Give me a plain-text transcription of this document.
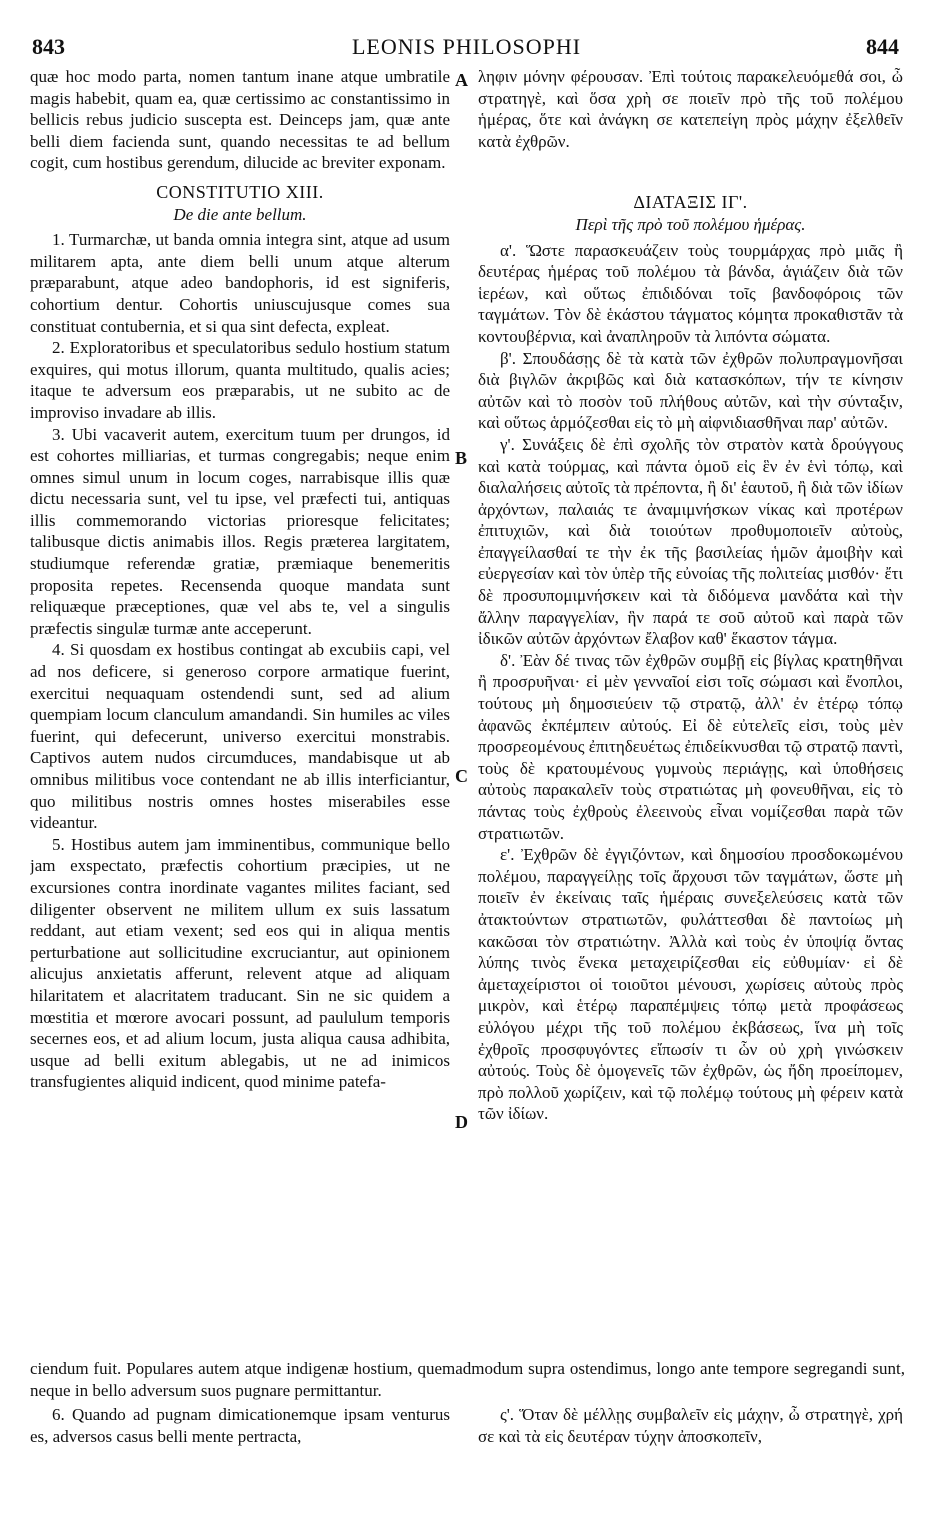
843	LEONIS PHILOSOPHI	844

quæ hoc modo parta, nomen tantum inane atque umbratile magis habebit, quam ea, quæ certissimo ac constantissimo in bellicis rebus judicio suscepta est. Deinceps jam, quæ ante belli diem facienda sunt, quando necessitas te ad bellum cogit, cum hostibus gerendum, dilucide ac breviter exponam.

CONSTITUTIO XIII.

De die ante bellum.

1. Turmarchæ, ut banda omnia integra sint, atque ad usum militarem apta, ante diem belli unum atque alterum præparabunt, atque adeo bandophoris, id est signiferis, cohortium dentur. Cohortis uniuscujusque comes sua constituat contubernia, et si qua sint defecta, expleat.

2. Exploratoribus et speculatoribus sedulo hostium statum exquires, qui motus illorum, quanta multitudo, qualis acies; itaque te adversum eos præparabis, ut ne subito ac de improviso invadare ab illis.

3. Ubi vacaverit autem, exercitum tuum per drungos, id est cohortes milliarias, et turmas congregabis; neque enim omnes simul unum in locum coges, narrabisque illis quæ dictu necessaria sunt, vel tu ipse, vel præfecti tui, antiquas illis commemorando victorias prioresque felicitates; talibusque dictis animabis illos. Regis præterea largitatem, studiumque referendæ gratiæ, præmiaque benemeritis proposita repetes. Recensenda quoque mandata sunt reliquæque præceptiones, quæ vel abs te, vel a singulis præfectis singulæ turmæ ante acceperunt.

4. Si quosdam ex hostibus contingat ab excubiis capi, vel ad nos deficere, si generoso corpore armatique fuerint, exercitui nequaquam ostendendi sunt, sed ad alium quempiam locum clanculum amandandi. Sin humiles ac viles fuerint, qui defecerunt, universo exercitui monstrabis. Captivos autem nudos circumduces, mandabisque ut ab omnibus militibus voce contendant ne ab illis interficiantur, quo militibus nostris omnes hostes miserabiles esse videantur.

5. Hostibus autem jam imminentibus, communique bello jam exspectato, præfectis cohortium præcipies, ut ne excursiones contra inordinate vagantes milites faciant, sed diligenter observent ne militem ullum ex suis lassatum reddant, aut etiam vexent; sed eos qui in aliqua mentis perturbatione aut sollicitudine excruciantur, aut opinionem alicujus anxietatis afferunt, relevent atque ad aliquam hilaritatem et alacritatem traducant. Sin ne sic quidem a mœstitia et mœrore avocari possunt, ad paululum temporis secernes eos, et ad alium locum, justa aliqua causa adhibita, usque ad belli exitum ablegabis, ut ne ad inimicos transfugientes aliquid indicent, quod minime patefa-

A
B
C
D

ληφιν μόνην φέρουσαν. Ἐπὶ τούτοις παρακελευόμεθά σοι, ὦ στρατηγὲ, καὶ ὅσα χρὴ σε ποιεῖν πρὸ τῆς τοῦ πολέμου ἡμέρας, ὅτε καὶ ἀνάγκη σε κατεπείγη πρὸς μάχην ἐξελθεῖν κατὰ ἐχθρῶν.

ΔΙΑΤΑΞΙΣ ΙΓ'.

Περὶ τῆς πρὸ τοῦ πολέμου ἡμέρας.

α'. Ὥστε παρασκευάζειν τοὺς τουρμάρχας πρὸ μιᾶς ἢ δευτέρας ἡμέρας τοῦ πολέμου τὰ βάνδα, ἁγιάζειν διὰ τῶν ἱερέων, καὶ οὕτως ἐπιδιδόναι τοῖς βανδοφόροις τῶν ταγμάτων. Τὸν δὲ ἑκάστου τάγματος κόμητα προκαθιστᾶν τὰ κοντουβέρνια, καὶ ἀναπληροῦν τὰ λιπόντα σώματα.

β'. Σπουδάσῃς δὲ τὰ κατὰ τῶν ἐχθρῶν πολυπραγμονῆσαι διὰ βιγλῶν ἀκριβῶς καὶ διὰ κατασκόπων, τήν τε κίνησιν αὐτῶν καὶ τὸ ποσὸν τοῦ πλήθους αὐτῶν, καὶ τὴν σύνταξιν, καὶ οὕτως ἁρμόζεσθαι εἰς τὸ μὴ αἰφνιδιασθῆναι παρ' αὐτῶν.

γ'. Συνάξεις δὲ ἐπὶ σχολῆς τὸν στρατὸν κατὰ δρούγγους καὶ κατὰ τούρμας, καὶ πάντα ὁμοῦ εἰς ἓν ἐν ἑνὶ τόπῳ, καὶ διαλαλήσεις αὐτοῖς τὰ πρέποντα, ἢ δι' ἑαυτοῦ, ἢ διὰ τῶν ἰδίων ἀρχόντων, παλαιάς τε ἀναμιμνήσκων νίκας καὶ προτέρων ἐπιτυχιῶν, καὶ διὰ τοιούτων προθυμοποιεῖν αὐτοὺς, ἐπαγγείλασθαί τε τὴν ἐκ τῆς βασιλείας ἡμῶν ἀμοιβὴν καὶ εὐεργεσίαν καὶ τὸν ὑπὲρ τῆς εὐνοίας τῆς πολιτείας μισθόν· ἔτι δὲ προσυπομιμνήσκειν καὶ τὰ διδόμενα μανδάτα καὶ τὴν ἄλλην παραγγελίαν, ἣν παρά τε σοῦ αὐτοῦ καὶ παρὰ τῶν ἰδικῶν αὐτῶν ἀρχόντων ἔλαβον καθ' ἕκαστον τάγμα.

δ'. Ἐὰν δέ τινας τῶν ἐχθρῶν συμβῇ εἰς βίγλας κρατηθῆναι ἢ προσρυῆναι· εἰ μὲν γενναῖοί εἰσι τοῖς σώμασι καὶ ἔνοπλοι, τούτους μὴ δημοσιεύειν τῷ στρατῷ, ἀλλ' ἐν ἑτέρῳ τόπῳ ἀφανῶς ἐκπέμπειν αὐτούς. Εἰ δὲ εὐτελεῖς εἰσι, τοὺς μὲν προσρεομένους ἐπιτηδευέτως ἐπιδείκνυσθαι τῷ στρατῷ παντὶ, τοὺς δὲ κρατουμένους γυμνοὺς περιάγῃς, καὶ ὑποθήσεις αὐτοὺς παρακαλεῖν τοὺς στρατιώτας μὴ φονευθῆναι, εἰς τὸ πάντας τοὺς ἐχθροὺς ἐλεεινοὺς εἶναι νομίζεσθαι παρὰ τῶν στρατιωτῶν.

ε'. Ἐχθρῶν δὲ ἐγγιζόντων, καὶ δημοσίου προσδοκωμένου πολέμου, παραγγείλῃς τοῖς ἄρχουσι τῶν ταγμάτων, ὥστε μὴ ποιεῖν ἐν ἐκείναις ταῖς ἡμέραις συνεξελεύσεις κατὰ τῶν ἀτακτούντων στρατιωτῶν, φυλάττεσθαι δὲ παντοίως μὴ κακῶσαι τὸν στρατιώτην. Ἀλλὰ καὶ τοὺς ἐν ὑποψίᾳ ὄντας λύπης τινὸς ἕνεκα μεταχειρίζεσθαι εἰς εὐθυμίαν· εἰ δὲ ἀμεταχείριστοι οἱ τοιοῦτοι μένουσι, χωρίσεις αὐτοὺς πρὸς μικρὸν, καὶ ἑτέρῳ παραπέμψεις τόπῳ μετὰ προφάσεως εὐλόγου μέχρι τῆς τοῦ πολέμου ἐκβάσεως, ἵνα μὴ τοῖς ἐχθροῖς προσφυγόντες εἴπωσίν τι ὧν οὐ χρὴ γινώσκειν αὐτούς. Τοὺς δὲ ὁμογενεῖς τῶν ἐχθρῶν, ὡς ἤδη προείπομεν, πρὸ πολλοῦ χωρίζειν, καὶ τῷ πολέμῳ τούτους μὴ φέρειν κατὰ τῶν ἰδίων.

ciendum fuit. Populares autem atque indigenæ hostium, quemadmodum supra ostendimus, longo ante tempore segregandi sunt, neque in bello adversum suos pugnare permittantur.

6. Quando ad pugnam dimicationemque ipsam venturus es, adversos casus belli mente pertracta,

ς'. Ὅταν δὲ μέλλῃς συμβαλεῖν εἰς μάχην, ὦ στρατηγὲ, χρή σε καὶ τὰ εἰς δευτέραν τύχην ἀποσκοπεῖν,
